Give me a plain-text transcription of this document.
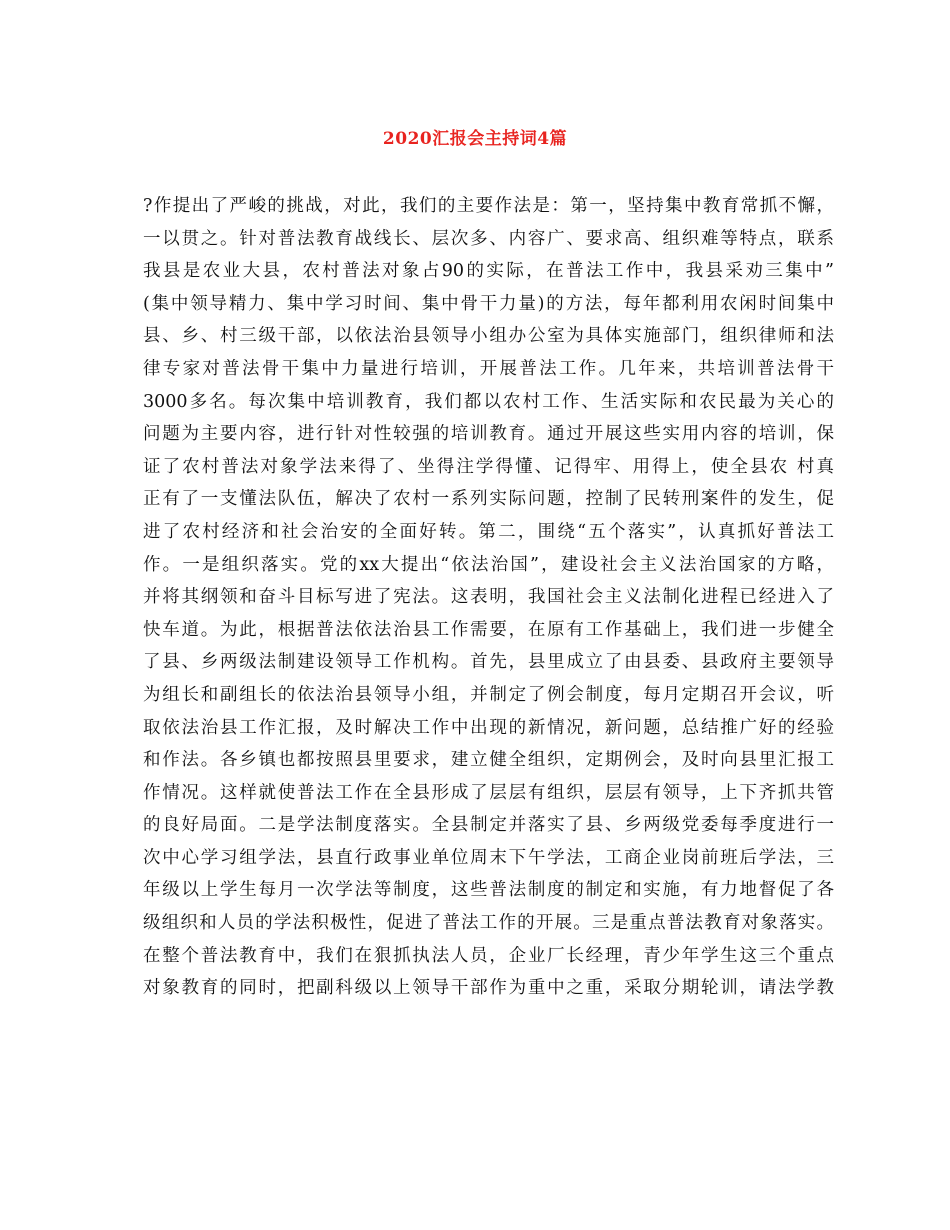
2020汇报会主持词4篇
?作提出了严峻的挑战，对此，我们的主要作法是：第一，坚持集中教育常抓不懈，
一以贯之。针对普法教育战线长、层次多、内容广、要求高、组织难等特点，联系
我县是农业大县，农村普法对象占90的实际，在普法工作中，我县采劝三集中”
(集中领导精力、集中学习时间、集中骨干力量)的方法，每年都利用农闲时间集中
县、乡、村三级干部，以依法治县领导小组办公室为具体实施部门，组织律师和法
律专家对普法骨干集中力量进行培训，开展普法工作。几年来，共培训普法骨干
3000多名。每次集中培训教育，我们都以农村工作、生活实际和农民最为关心的
问题为主要内容，进行针对性较强的培训教育。通过开展这些实用内容的培训，保
证了农村普法对象学法来得了、坐得注学得懂、记得牢、用得上，使全县农 村真
正有了一支懂法队伍，解决了农村一系列实际问题，控制了民转刑案件的发生，促
进了农村经济和社会治安的全面好转。第二，围绕“五个落实”，认真抓好普法工
作。一是组织落实。党的xx大提出“依法治国”，建设社会主义法治国家的方略，
并将其纲领和奋斗目标写进了宪法。这表明，我国社会主义法制化进程已经进入了
快车道。为此，根据普法依法治县工作需要，在原有工作基础上，我们进一步健全
了县、乡两级法制建设领导工作机构。首先，县里成立了由县委、县政府主要领导
为组长和副组长的依法治县领导小组，并制定了例会制度，每月定期召开会议，听
取依法治县工作汇报，及时解决工作中出现的新情况，新问题，总结推广好的经验
和作法。各乡镇也都按照县里要求，建立健全组织，定期例会，及时向县里汇报工
作情况。这样就使普法工作在全县形成了层层有组织，层层有领导，上下齐抓共管
的良好局面。二是学法制度落实。全县制定并落实了县、乡两级党委每季度进行一
次中心学习组学法，县直行政事业单位周末下午学法，工商企业岗前班后学法，三
年级以上学生每月一次学法等制度，这些普法制度的制定和实施，有力地督促了各
级组织和人员的学法积极性，促进了普法工作的开展。三是重点普法教育对象落实。
在整个普法教育中，我们在狠抓执法人员，企业厂长经理，青少年学生这三个重点
对象教育的同时，把副科级以上领导干部作为重中之重，采取分期轮训，请法学教
